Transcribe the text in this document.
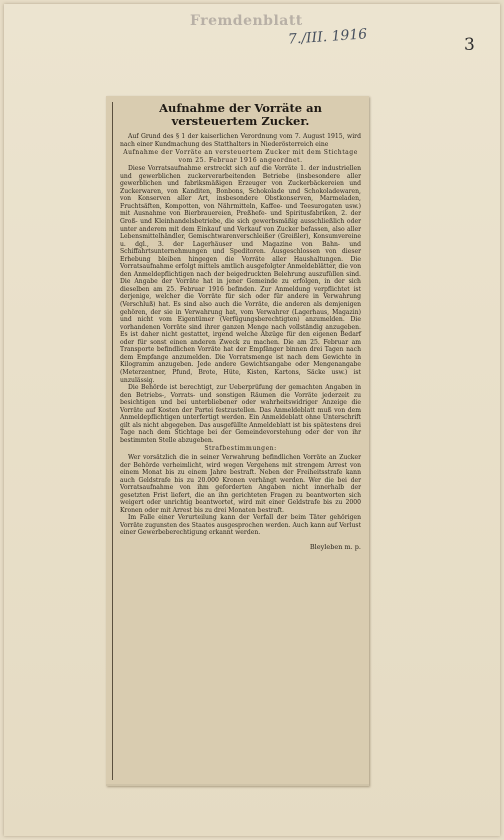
Fremdenblatt
7./III. 1916	3
Aufnahme der Vorräte an versteuertem Zucker.

Auf Grund des § 1 der kaiserlichen Verordnung vom 7. August 1915, wird nach einer Kundmachung des Statthalters in Niederösterreich eine

Aufnahme der Vorräte an versteuertem Zucker mit dem Stichtage vom 25. Februar 1916 angeordnet.

Diese Vorratsaufnahme erstreckt sich auf die Vorräte 1. der industriellen und gewerblichen zuckerverarbeitenden Betriebe (insbesondere aller gewerblichen und fabriksmäßigen Erzeuger von Zuckerbäckereien und Zuckerwaren, von Kanditen, Bonbons, Schokolade und Schokoladewaren, von Konserven aller Art, insbesondere Obstkonserven, Marmeladen, Fruchtsäften, Kompotten, von Nährmitteln, Kaffee- und Teesurogaten usw.) mit Ausnahme von Bierbrauereien, Preßhefe- und Spiritusfabriken, 2. der Groß- und Kleinhandelsbetriebe, die sich gewerbsmäßig ausschließlich oder unter anderem mit dem Einkauf und Verkauf von Zucker befassen, also aller Lebensmittelhändler, Gemischtwarenverschleißer (Greißler), Konsumvereine u. dgl., 3. der Lagerhäuser und Magazine von Bahn- und Schiffahrtsunternehmungen und Speditoren. Ausgeschlossen von dieser Erhebung bleiben hingegen die Vorräte aller Haushaltungen. Die Vorratsaufnahme erfolgt mittels amtlich ausgefolgter Anmeldeblätter, die von den Anmeldepflichtigen nach der beigedruckten Belehrung auszufüllen sind. Die Angabe der Vorräte hat in jener Gemeinde zu erfolgen, in der sich dieselben am 25. Februar 1916 befinden. Zur Anmeldung verpflichtet ist derjenige, welcher die Vorräte für sich oder für andere in Verwahrung (Verschluß) hat. Es sind also auch die Vorräte, die anderen als demjenigen gehören, der sie in Verwahrung hat, vom Verwahrer (Lagerhaus, Magazin) und nicht vom Eigentümer (Verfügungsberechtigten) anzumelden. Die vorhandenen Vorräte sind ihrer ganzen Menge nach vollständig anzugeben. Es ist daher nicht gestattet, irgend welche Abzüge für den eigenen Bedarf oder für sonst einen anderen Zweck zu machen. Die am 25. Februar am Transporte befindlichen Vorräte hat der Empfänger binnen drei Tagen nach dem Empfange anzumelden. Die Vorratsmenge ist nach dem Gewichte in Kilogramm anzugeben. Jede andere Gewichtsangabe oder Mengenangabe (Meterzentner, Pfund, Brote, Hüte, Kisten, Kartons, Säcke usw.) ist unzulässig.

Die Behörde ist berechtigt, zur Ueberprüfung der gemachten Angaben in den Betriebs-, Vorrats- und sonstigen Räumen die Vorräte jederzeit zu besichtigen und bei unterbliebener oder wahrheitswidriger Anzeige die Vorräte auf Kosten der Partei festzustellen. Das Anmeldeblatt muß von dem Anmeldepflichtigen unterfertigt werden. Ein Anmeldeblatt ohne Unterschrift gilt als nicht abgegeben. Das ausgefüllte Anmeldeblatt ist bis spätestens drei Tage nach dem Stichtage bei der Gemeindevorstehung oder der von ihr bestimmten Stelle abzugeben.

Strafbestimmungen:

Wer vorsätzlich die in seiner Verwahrung befindlichen Vorräte an Zucker der Behörde verheimlicht, wird wegen Vergehens mit strengem Arrest von einem Monat bis zu einem Jahre bestraft. Neben der Freiheitsstrafe kann auch Geldstrafe bis zu 20.000 Kronen verhängt werden. Wer die bei der Vorratsaufnahme von ihm geforderten Angaben nicht innerhalb der gesetzten Frist liefert, die an ihn gerichteten Fragen zu beantworten sich weigert oder unrichtig beantwortet, wird mit einer Geldstrafe bis zu 2000 Kronen oder mit Arrest bis zu drei Monaten bestraft.

Im Falle einer Verurteilung kann der Verfall der beim Täter gehörigen Vorräte zugunsten des Staates ausgesprochen werden. Auch kann auf Verlust einer Gewerbeberechtigung erkannt werden.

Bleyleben m. p.
